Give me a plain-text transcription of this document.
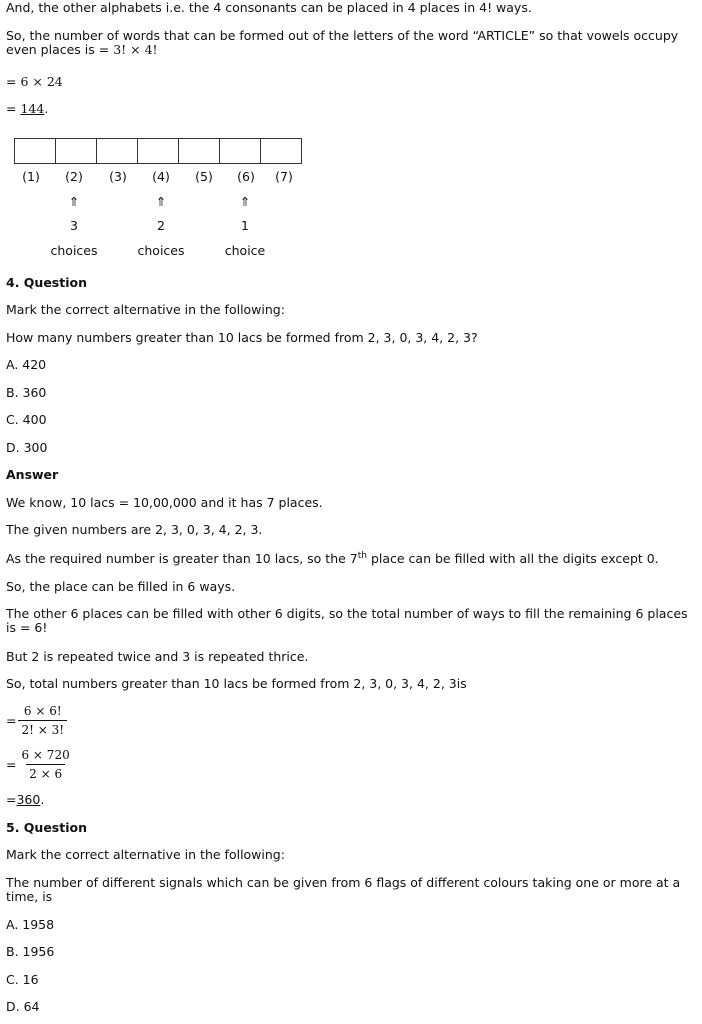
And, the other alphabets i.e. the 4 consonants can be placed in 4 places in 4! ways.
So, the number of words that can be formed out of the letters of the word “ARTICLE” so that vowels occupy even places is = 3! × 4!
= 6 × 24
= 144.
(1)	(2)	(3)	(4)	(5)	(6)	(7)
⇑	⇑	⇑
3	2	1
choices	choices	choice
4. Question
Mark the correct alternative in the following:
How many numbers greater than 10 lacs be formed from 2, 3, 0, 3, 4, 2, 3?
A. 420
B. 360
C. 400
D. 300
Answer
We know, 10 lacs = 10,00,000 and it has 7 places.
The given numbers are 2, 3, 0, 3, 4, 2, 3.
As the required number is greater than 10 lacs, so the 7th place can be filled with all the digits except 0.
So, the place can be filled in 6 ways.
The other 6 places can be filled with other 6 digits, so the total number of ways to fill the remaining 6 places is = 6!
But 2 is repeated twice and 3 is repeated thrice.
So, total numbers greater than 10 lacs be formed from 2, 3, 0, 3, 4, 2, 3is
= $\frac{6 \times 6!}{2! \times 3!}$
= $\frac{6 \times 720}{2 \times 6}$
=360.
5. Question
Mark the correct alternative in the following:
The number of different signals which can be given from 6 flags of different colours taking one or more at a time, is
A. 1958
B. 1956
C. 16
D. 64
